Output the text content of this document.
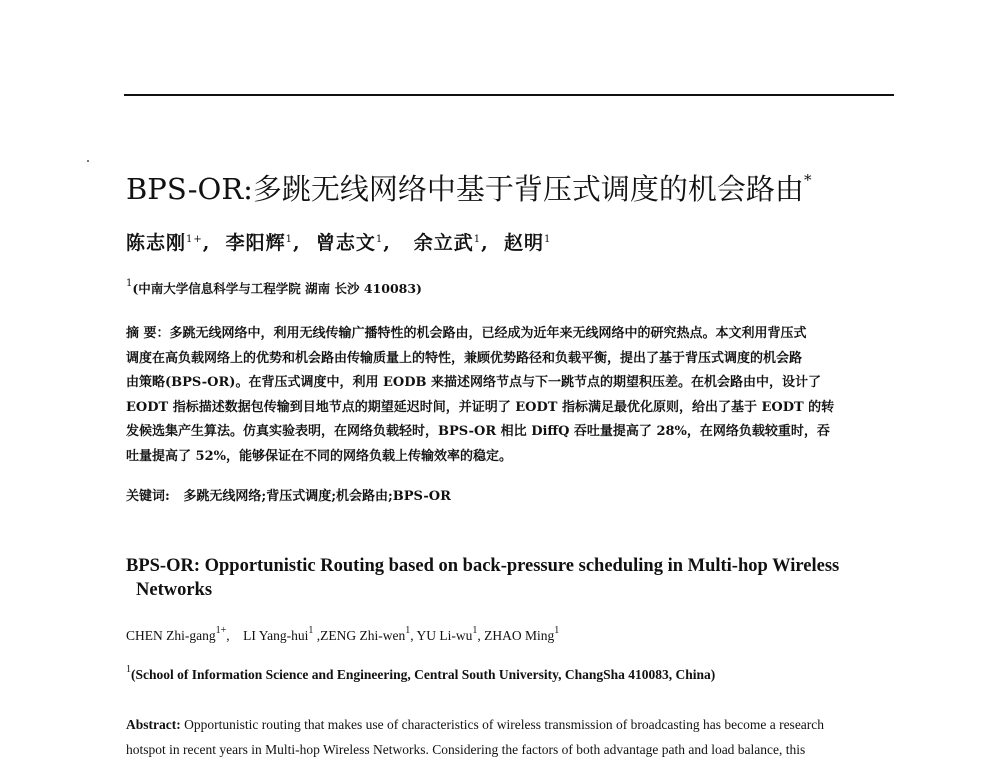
BPS-OR:多跳无线网络中基于背压式调度的机会路由*
陈志刚$^{1+}$,  李阳辉$^1$,  曾志文$^1$,   余立武$^1$,  赵明$^1$
$^1$(中南大学信息科学与工程学院 湖南 长沙 410083)
摘 要：多跳无线网络中，利用无线传输广播特性的机会路由，已经成为近年来无线网络中的研究热点。本文利用背压式
调度在高负载网络上的优势和机会路由传输质量上的特性，兼顾优势路径和负载平衡，提出了基于背压式调度的机会路
由策略(BPS-OR)。在背压式调度中，利用 EODB 来描述网络节点与下一跳节点的期望积压差。在机会路由中，设计了
EODT 指标描述数据包传输到目地节点的期望延迟时间，并证明了 EODT 指标满足最优化原则，给出了基于 EODT 的转
发候选集产生算法。仿真实验表明，在网络负载轻时，BPS-OR 相比 DiffQ 吞吐量提高了 28%，在网络负载较重时，吞
吐量提高了 52%，能够保证在不同的网络负载上传输效率的稳定。
关键词: 多跳无线网络;背压式调度;机会路由;BPS-OR
BPS-OR: Opportunistic Routing based on back-pressure scheduling in Multi-hop Wireless
Networks
CHEN Zhi-gang$^{1+}$,    LI Yang-hui$^1$ ,ZENG Zhi-wen$^1$, YU $Li-wu^1$, ZHAO Ming$^1$
$^1$(School of Information Science and Engineering, Central South University, ChangSha 410083, China)
Abstract: Opportunistic routing that makes use of characteristics of wireless transmission of broadcasting has become a research
hotspot in recent years in Multi-hop Wireless Networks. Considering the factors of both advantage path and load balance, this
